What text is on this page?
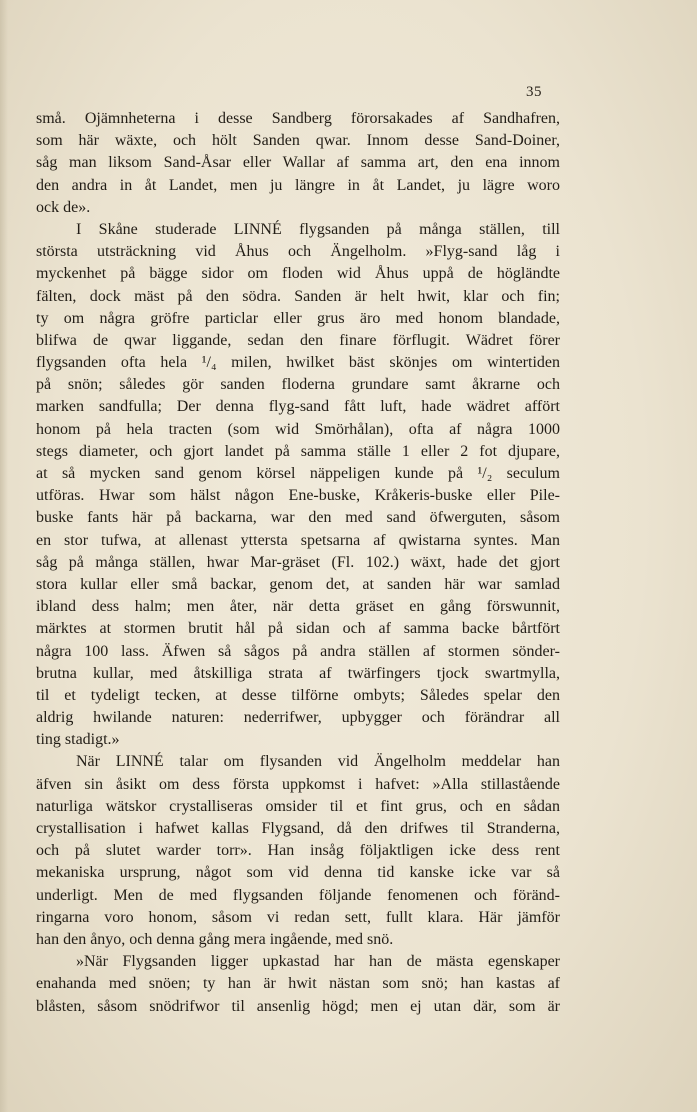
35
små. Ojämnheterna i desse Sandberg förorsakades af Sandhafren,
som här wäxte, och hölt Sanden qwar. Innom desse Sand-Doiner,
såg man liksom Sand-Åsar eller Wallar af samma art, den ena innom
den andra in åt Landet, men ju längre in åt Landet, ju lägre woro
ock de».
I Skåne studerade LINNÉ flygsanden på många ställen, till
största utsträckning vid Åhus och Ängelholm. »Flyg-sand låg i
myckenhet på bägge sidor om floden wid Åhus uppå de högländte
fälten, dock mäst på den södra. Sanden är helt hwit, klar och fin;
ty om några gröfre particlar eller grus äro med honom blandade,
blifwa de qwar liggande, sedan den finare förflugit. Wädret förer
flygsanden ofta hela ¹/₄ milen, hwilket bäst skönjes om wintertiden
på snön; således gör sanden floderna grundare samt åkrarne och
marken sandfulla; Der denna flyg-sand fått luft, hade wädret affört
honom på hela tracten (som wid Smörhålan), ofta af några 1000
stegs diameter, och gjort landet på samma ställe 1 eller 2 fot djupare,
at så mycken sand genom körsel näppeligen kunde på ¹/₂ seculum
utföras. Hwar som hälst någon Ene-buske, Kråkeris-buske eller Pile-
buske fants här på backarna, war den med sand öfwerguten, såsom
en stor tufwa, at allenast yttersta spetsarna af qwistarna syntes. Man
såg på många ställen, hwar Mar-gräset (Fl. 102.) wäxt, hade det gjort
stora kullar eller små backar, genom det, at sanden här war samlad
ibland dess halm; men åter, när detta gräset en gång förswunnit,
märktes at stormen brutit hål på sidan och af samma backe bårtfört
några 100 lass. Äfwen så sågos på andra ställen af stormen sönder-
brutna kullar, med åtskilliga strata af twärfingers tjock swartmylla,
til et tydeligt tecken, at desse tilförne ombyts; Således spelar den
aldrig hwilande naturen: nederrifwer, upbygger och förändrar all
ting stadigt.»
När LINNÉ talar om flysanden vid Ängelholm meddelar han
äfven sin åsikt om dess första uppkomst i hafvet: »Alla stillastående
naturliga wätskor crystalliseras omsider til et fint grus, och en sådan
crystallisation i hafwet kallas Flygsand, då den drifwes til Stranderna,
och på slutet warder torr». Han insåg följaktligen icke dess rent
mekaniska ursprung, något som vid denna tid kanske icke var så
underligt. Men de med flygsanden följande fenomenen och föränd-
ringarna voro honom, såsom vi redan sett, fullt klara. Här jämför
han den ånyo, och denna gång mera ingående, med snö.
»När Flygsanden ligger upkastad har han de mästa egenskaper
enahanda med snöen; ty han är hwit nästan som snö; han kastas af
blåsten, såsom snödrifwor til ansenlig högd; men ej utan där, som är
